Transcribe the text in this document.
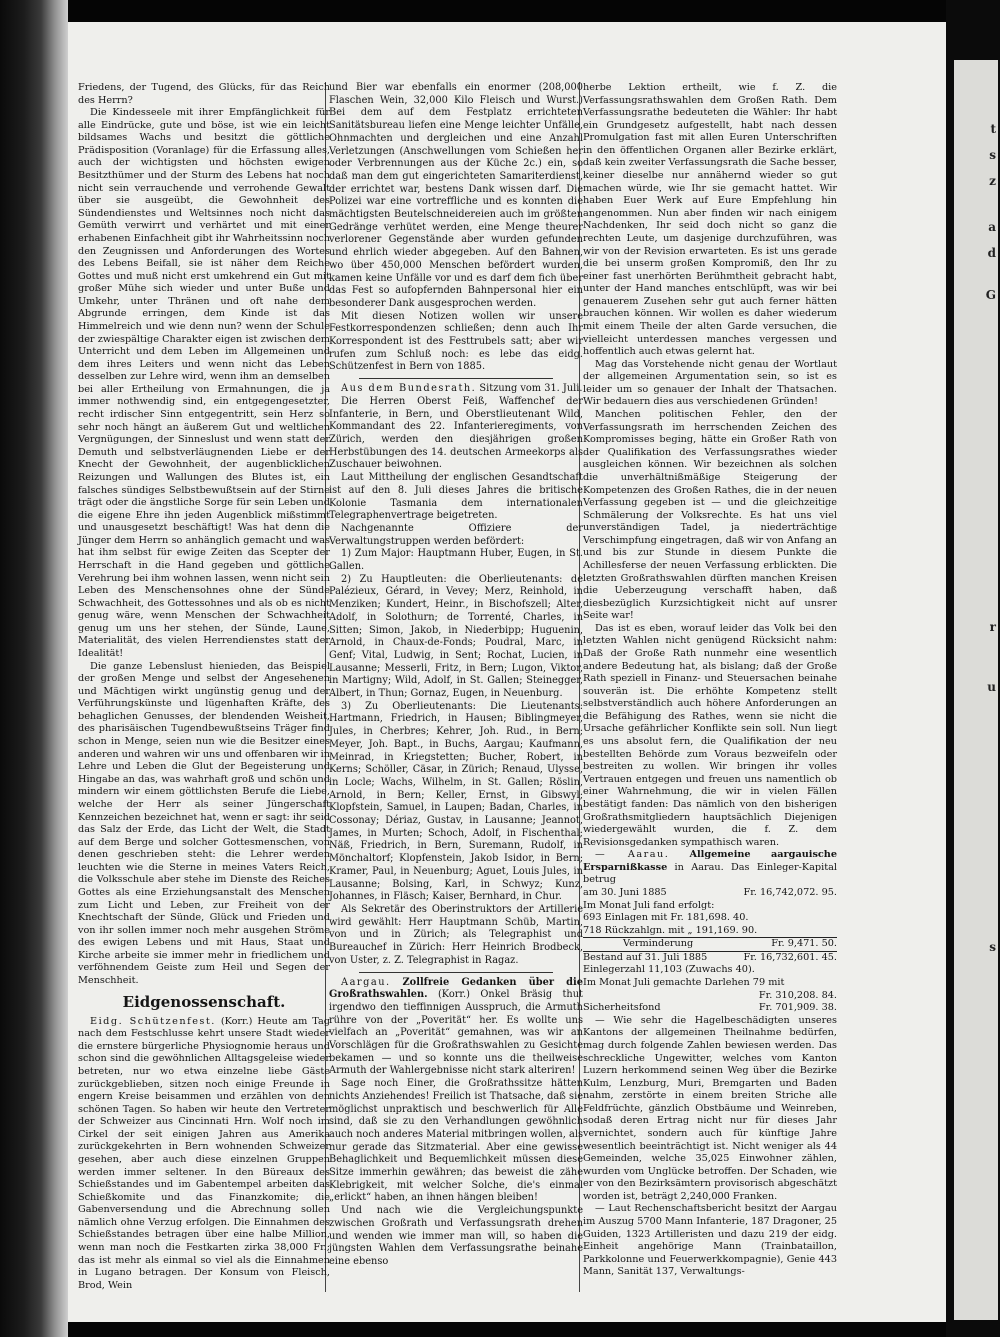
t
s
z
a
d
G
r
u
s

Friedens, der Tugend, des Glücks, für das Reich des Herrn?

Die Kindesseele mit ihrer Empfänglichkeit für alle Eindrücke, gute und böse, ist wie ein leicht bildsames Wachs und besitzt die göttliche Prädisposition (Voranlage) für die Erfassung alles, auch der wichtigsten und höchsten ewigen Besitzthümer und der Sturm des Lebens hat noch nicht sein verrauchende und verrohende Gewalt über sie ausgeübt, die Gewohnheit des Sündendienstes und Weltsinnes noch nicht das Gemüth verwirrt und verhärtet und mit einer erhabenen Einfachheit gibt ihr Wahrheitssinn noch den Zeugnissen und Anforderungen des Wortes des Lebens Beifall, sie ist näher dem Reiche Gottes und muß nicht erst umkehrend ein Gut mit großer Mühe sich wieder und unter Buße und Umkehr, unter Thränen und oft nahe dem Abgrunde erringen, dem Kinde ist das Himmelreich und wie denn nun? wenn der Schule der zwiespältige Charakter eigen ist zwischen dem Unterricht und dem Leben im Allgemeinen und dem ihres Leiters und wenn nicht das Leben desselben zur Lehre wird, wenn ihm an demselben bei aller Ertheilung von Ermahnungen, die ja immer nothwendig sind, ein entgegengesetzter, recht irdischer Sinn entgegentritt, sein Herz so sehr noch hängt an äußerem Gut und weltlichen Vergnügungen, der Sinneslust und wenn statt der Demuth und selbstverläugnenden Liebe er der Knecht der Gewohnheit, der augenblicklichen Reizungen und Wallungen des Blutes ist, ein falsches sündiges Selbstbewußtsein auf der Stirne trägt oder die ängstliche Sorge für sein Leben und die eigene Ehre ihn jeden Augenblick mißstimmt und unausgesetzt beschäftigt! Was hat denn die Jünger dem Herrn so anhänglich gemacht und was hat ihm selbst für ewige Zeiten das Scepter der Herrschaft in die Hand gegeben und göttliche Verehrung bei ihm wohnen lassen, wenn nicht sein Leben des Menschensohnes ohne der Sünde Schwachheit, des Gottessohnes und als ob es nicht genug wäre, wenn Menschen der Schwachheit genug um uns her stehen, der Sünde, Laune, Materialität, des vielen Herrendienstes statt der Idealität!

Die ganze Lebenslust hienieden, das Beispiel der großen Menge und selbst der Angesehenen und Mächtigen wirkt ungünstig genug und der Verführungskünste und lügenhaften Kräfte, des behaglichen Genusses, der blendenden Weisheit, des pharisäischen Tugendbewußtseins Träger find schon in Menge, seien nun wie die Besitzer eines anderen und wahren wir uns und offenbaren wir in Lehre und Leben die Glut der Begeisterung und Hingabe an das, was wahrhaft groß und schön und mindern wir einem göttlichsten Berufe die Liebe, welche der Herr als seiner Jüngerschaft Kennzeichen bezeichnet hat, wenn er sagt: ihr seid das Salz der Erde, das Licht der Welt, die Stadt auf dem Berge und solcher Gottesmenschen, von denen geschrieben steht: die Lehrer werden leuchten wie die Sterne in meines Vaters Reich, die Volksschule aber stehe im Dienste des Reiches Gottes als eine Erziehungsanstalt des Menschen zum Licht und Leben, zur Freiheit von der Knechtschaft der Sünde, Glück und Frieden und von ihr sollen immer noch mehr ausgehen Ströme des ewigen Lebens und mit Haus, Staat und Kirche arbeite sie immer mehr in friedlichem und verföhnendem Geiste zum Heil und Segen der Menschheit.

Eidgenossenschaft.

Eidg. Schützenfest. (Korr.) Heute am Tag nach dem Festschlusse kehrt unsere Stadt wieder die ernstere bürgerliche Physiognomie heraus und schon sind die gewöhnlichen Alltagsgeleise wieder betreten, nur wo etwa einzelne liebe Gäste zurückgeblieben, sitzen noch einige Freunde in engern Kreise beisammen und erzählen von den schönen Tagen. So haben wir heute den Vertreter der Schweizer aus Cincinnati Hrn. Wolf noch im Cirkel der seit einigen Jahren aus Amerika zurückgekehrten in Bern wohnenden Schweizer gesehen, aber auch diese einzelnen Gruppen werden immer seltener. In den Büreaux des Schießstandes und im Gabentempel arbeiten das Schießkomite und das Finanzkomite; die Gabenversendung und die Abrechnung sollen nämlich ohne Verzug erfolgen. Die Einnahmen des Schießstandes betragen über eine halbe Million, wenn man noch die Festkarten zirka 38,000 Fr.; das ist mehr als einmal so viel als die Einnahmen in Lugano betragen. Der Konsum von Fleisch, Brod, Wein

und Bier war ebenfalls ein enormer (208,000 Flaschen Wein, 32,000 Kilo Fleisch und Wurst.) Bei dem auf dem Festplatz errichteten Sanitätsbureau liefen eine Menge leichter Unfälle, Ohnmachten und dergleichen und eine Anzahl Verletzungen (Anschwellungen vom Schießen her oder Verbrennungen aus der Küche 2c.) ein, so daß man dem gut eingerichteten Samariterdienst, der errichtet war, bestens Dank wissen darf. Die Polizei war eine vortreffliche und es konnten die mächtigsten Beutelschneidereien auch im größten Gedränge verhütet werden, eine Menge theurer verlorener Gegenstände aber wurden gefunden und ehrlich wieder abgegeben. Auf den Bahnen, wo über 450,000 Menschen befördert wurden, kamen keine Unfälle vor und es darf dem fich über das Fest so aufopfernden Bahnpersonal hier ein besonderer Dank ausgesprochen werden.

Mit diesen Notizen wollen wir unsere Festkorrespondenzen schließen; denn auch Ihr Korrespondent ist des Festtrubels satt; aber wir rufen zum Schluß noch: es lebe das eidg. Schützenfest in Bern von 1885.

Aus dem Bundesrath. Sitzung vom 31. Juli.

Die Herren Oberst Feiß, Waffenchef der Infanterie, in Bern, und Oberstlieutenant Wild, Kommandant des 22. Infanterieregiments, von Zürich, werden den diesjährigen großen Herbstübungen des 14. deutschen Armeekorps als Zuschauer beiwohnen.

Laut Mittheilung der englischen Gesandtschaft ist auf den 8. Juli dieses Jahres die britische Kolonie Tasmania dem internationalen Telegraphenvertrage beigetreten.

Nachgenannte Offiziere der Verwaltungstruppen werden befördert:

1) Zum Major: Hauptmann Huber, Eugen, in St. Gallen.

2) Zu Hauptleuten: die Oberlieutenants: de Palézieux, Gérard, in Vevey; Merz, Reinhold, in Menziken; Kundert, Heinr., in Bischofszell; Alter, Adolf, in Solothurn; de Torrenté, Charles, in Sitten; Simon, Jakob, in Niederbipp; Huguenin, Arnold, in Chaux-de-Fonds; Poudral, Marc, in Genf; Vital, Ludwig, in Sent; Rochat, Lucien, in Lausanne; Messerli, Fritz, in Bern; Lugon, Viktor, in Martigny; Wild, Adolf, in St. Gallen; Steinegger, Albert, in Thun; Gornaz, Eugen, in Neuenburg.

3) Zu Oberlieutenants: Die Lieutenants: Hartmann, Friedrich, in Hausen; Biblingmeyer, Jules, in Cherbres; Kehrer, Joh. Rud., in Bern; Meyer, Joh. Bapt., in Buchs, Aargau; Kaufmann, Meinrad, in Kriegstetten; Bucher, Robert, in Kerns; Schöller, Cäsar, in Zürich; Renaud, Ulysse, in Locle; Wachs, Wilhelm, in St. Gallen; Röslin, Arnold, in Bern; Keller, Ernst, in Gibswyl; Klopfstein, Samuel, in Laupen; Badan, Charles, in Cossonay; Dériaz, Gustav, in Lausanne; Jeannot, James, in Murten; Schoch, Adolf, in Fischenthal; Näß, Friedrich, in Bern, Suremann, Rudolf, in Mönchaltorf; Klopfenstein, Jakob Isidor, in Bern; Kramer, Paul, in Neuenburg; Aguet, Louis Jules, in Lausanne; Bolsing, Karl, in Schwyz; Kunz, Johannes, in Fläsch; Kaiser, Bernhard, in Chur.

Als Sekretär des Oberinstruktors der Artillerie wird gewählt: Herr Hauptmann Schüb, Martin, von und in Zürich; als Telegraphist und Bureauchef in Zürich: Herr Heinrich Brodbeck, von Uster, z. Z. Telegraphist in Ragaz.

Aargau. Zollfreie Gedanken über die Großrathswahlen. (Korr.) Onkel Bräsig thut irgendwo den tieffinnigen Ausspruch, die Armuth rühre von der „Poverität“ her. Es wollte uns vielfach an „Poverität“ gemahnen, was wir an Vorschlägen für die Großrathswahlen zu Gesichte bekamen — und so konnte uns die theilweise Armuth der Wahlergebnisse nicht stark alteriren!

Sage noch Einer, die Großrathssitze hätten nichts Anziehendes! Freilich ist Thatsache, daß sie möglichst unpraktisch und beschwerlich für Alle sind, daß sie zu den Verhandlungen gewöhnlich auch noch anderes Material mitbringen wollen, als nur gerade das Sitzmaterial. Aber eine gewisse Behaglichkeit und Bequemlichkeit müssen diese Sitze immerhin gewähren; das beweist die zähe Klebrigkeit, mit welcher Solche, die's einmal „erlickt“ haben, an ihnen hängen bleiben!

Und nach wie die Vergleichungspunkte zwischen Großrath und Verfassungsrath drehen und wenden wie immer man will, so haben die jüngsten Wahlen dem Verfassungsrathe beinahe eine ebenso

herbe Lektion ertheilt, wie f. Z. die Verfassungsrathswahlen dem Großen Rath. Dem Verfassungsrathe bedeuteten die Wähler: Ihr habt ein Grundgesetz aufgestellt, habt nach dessen Promulgation fast mit allen Euren Unterschriften in den öffentlichen Organen aller Bezirke erklärt, daß kein zweiter Verfassungsrath die Sache besser, keiner dieselbe nur annähernd wieder so gut machen würde, wie Ihr sie gemacht hattet. Wir haben Euer Werk auf Eure Empfehlung hin angenommen. Nun aber finden wir nach einigem Nachdenken, Ihr seid doch nicht so ganz die rechten Leute, um dasjenige durchzuführen, was wir von der Revision erwarteten. Es ist uns gerade die bei unserm großen Kompromiß, den Ihr zu einer fast unerhörten Berühmtheit gebracht habt, unter der Hand manches entschlüpft, was wir bei genauerem Zusehen sehr gut auch ferner hätten brauchen können. Wir wollen es daher wiederum mit einem Theile der alten Garde versuchen, die vielleicht unterdessen manches vergessen und hoffentlich auch etwas gelernt hat.

Mag das Vorstehende nicht genau der Wortlaut der allgemeinen Argumentation sein, so ist es leider um so genauer der Inhalt der Thatsachen. Wir bedauern dies aus verschiedenen Gründen!

Manchen politischen Fehler, den der Verfassungsrath im herrschenden Zeichen des Kompromisses beging, hätte ein Großer Rath von der Qualifikation des Verfassungsrathes wieder ausgleichen können. Wir bezeichnen als solchen die unverhältnißmäßige Steigerung der Kompetenzen des Großen Rathes, die in der neuen Verfassung gegeben ist — und die gleichzeitige Schmälerung der Volksrechte. Es hat uns viel unverständigen Tadel, ja niederträchtige Verschimpfung eingetragen, daß wir von Anfang an und bis zur Stunde in diesem Punkte die Achillesferse der neuen Verfassung erblickten. Die letzten Großrathswahlen dürften manchen Kreisen die Ueberzeugung verschafft haben, daß diesbezüglich Kurzsichtigkeit nicht auf unsrer Seite war!

Das ist es eben, worauf leider das Volk bei den letzten Wahlen nicht genügend Rücksicht nahm: Daß der Große Rath nunmehr eine wesentlich andere Bedeutung hat, als bislang; daß der Große Rath speziell in Finanz- und Steuersachen beinahe souverän ist. Die erhöhte Kompetenz stellt selbstverständlich auch höhere Anforderungen an die Befähigung des Rathes, wenn sie nicht die Ursache gefährlicher Konflikte sein soll. Nun liegt es uns absolut fern, die Qualifikation der neu bestellten Behörde zum Voraus bezweifeln oder bestreiten zu wollen. Wir bringen ihr volles Vertrauen entgegen und freuen uns namentlich ob einer Wahrnehmung, die wir in vielen Fällen bestätigt fanden: Das nämlich von den bisherigen Großrathsmitgliedern hauptsächlich Diejenigen wiedergewählt wurden, die f. Z. dem Revisionsgedanken sympathisch waren.

— Aarau. Allgemeine aargauische Ersparnißkasse in Aarau. Das Einleger-Kapital betrug

am 30. Juni 1885	Fr. 16,742,072. 95.
Im Monat Juli fand erfolgt:	
693 Einlagen mit Fr. 181,698. 40.	
718 Rückzahlgn. mit „ 191,169. 90.	
Verminderung	Fr. 9,471. 50.
Bestand auf 31. Juli 1885	Fr. 16,732,601. 45.
Einlegerzahl 11,103 (Zuwachs 40).	
Im Monat Juli gemachte Darlehen 79 mit	
	Fr. 310,208. 84.
Sicherheitsfond	Fr. 701,909. 38.

— Wie sehr die Hagelbeschädigten unseres Kantons der allgemeinen Theilnahme bedürfen, mag durch folgende Zahlen bewiesen werden. Das schreckliche Ungewitter, welches vom Kanton Luzern herkommend seinen Weg über die Bezirke Kulm, Lenzburg, Muri, Bremgarten und Baden nahm, zerstörte in einem breiten Striche alle Feldfrüchte, gänzlich Obstbäume und Weinreben, sodaß deren Ertrag nicht nur für dieses Jahr vernichtet, sondern auch für künftige Jahre wesentlich beeinträchtigt ist. Nicht weniger als 44 Gemeinden, welche 35,025 Einwohner zählen, wurden vom Unglücke betroffen. Der Schaden, wie er von den Bezirksämtern provisorisch abgeschätzt worden ist, beträgt 2,240,000 Franken.

— Laut Rechenschaftsbericht besitzt der Aargau im Auszug 5700 Mann Infanterie, 187 Dragoner, 25 Guiden, 1323 Artilleristen und dazu 219 der eidg. Einheit angehörige Mann (Trainbataillon, Parkkolonne und Feuerwerkkompagnie), Genie 443 Mann, Sanität 137, Verwaltungs-
